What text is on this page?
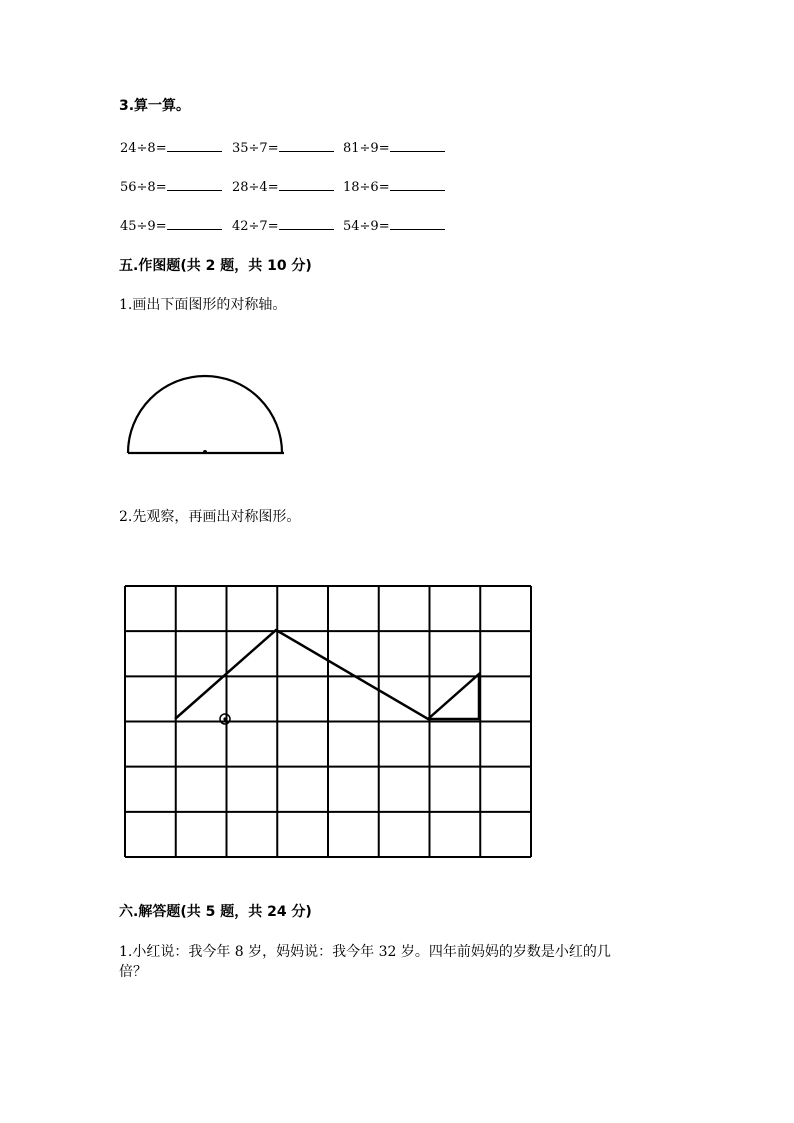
3.算一算。
24÷8=	35÷7=	81÷9=
56÷8=	28÷4=	18÷6=
45÷9=	42÷7=	54÷9=
五.作图题(共 2 题，共 10 分)
1.画出下面图形的对称轴。
2.先观察，再画出对称图形。
六.解答题(共 5 题，共 24 分)
1.小红说：我今年 8 岁，妈妈说：我今年 32 岁。四年前妈妈的岁数是小红的几
倍？
